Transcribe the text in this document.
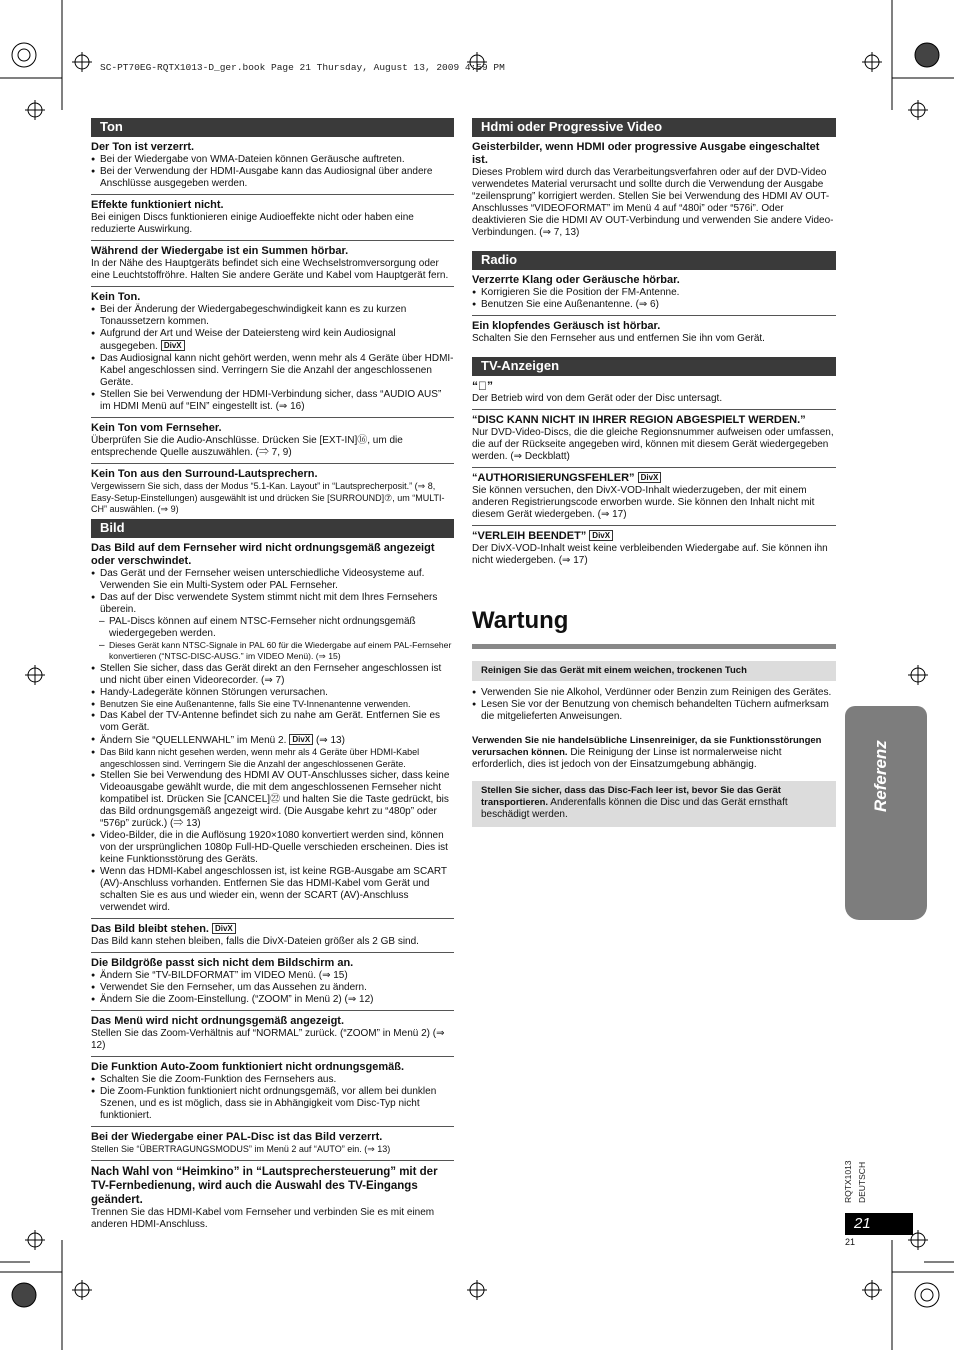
SC-PT70EG-RQTX1013-D_ger.book Page 21 Thursday, August 13, 2009 4:59 PM
Ton
Der Ton ist verzerrt.
● Bei der Wiedergabe von WMA-Dateien können Geräusche auftreten.
● Bei der Verwendung der HDMI-Ausgabe kann das Audiosignal über andere Anschlüsse ausgegeben werden.
Effekte funktioniert nicht.
Bei einigen Discs funktionieren einige Audioeffekte nicht oder haben eine reduzierte Auswirkung.
Während der Wiedergabe ist ein Summen hörbar.
In der Nähe des Hauptgeräts befindet sich eine Wechselstromversorgung oder eine Leuchtstoffröhre. Halten Sie andere Geräte und Kabel vom Hauptgerät fern.
Kein Ton.
● Bei der Änderung der Wiedergabegeschwindigkeit kann es zu kurzen Tonaussetzern kommen.
● Aufgrund der Art und Weise der Dateiersteng wird kein Audiosignal ausgegeben. DivX
● Das Audiosignal kann nicht gehört werden, wenn mehr als 4 Geräte über HDMI-Kabel angeschlossen sind. Verringern Sie die Anzahl der angeschlossenen Geräte.
● Stellen Sie bei Verwendung der HDMI-Verbindung sicher, dass “AUDIO AUS” im HDMI Menü auf “EIN” eingestellt ist. (⇒ 16)
Kein Ton vom Fernseher.
Überprüfen Sie die Audio-Anschlüsse. Drücken Sie [EXT-IN]⑯, um die entsprechende Quelle auszuwählen. (⇒ 7, 9)
Kein Ton aus den Surround-Lautsprechern.
Vergewissern Sie sich, dass der Modus “5.1-Kan. Layout” in “Lautsprecherposit.” (⇒ 8, Easy-Setup-Einstellungen) ausgewählt ist und drücken Sie [SURROUND]⑦, um “MULTI-CH” auswählen. (⇒ 9)
Bild
Das Bild auf dem Fernseher wird nicht ordnungsgemäß angezeigt oder verschwindet.
● Das Gerät und der Fernseher weisen unterschiedliche Videosysteme auf. Verwenden Sie ein Multi-System oder PAL Fernseher.
● Das auf der Disc verwendete System stimmt nicht mit dem Ihres Fernsehers überein.
– PAL-Discs können auf einem NTSC-Fernseher nicht ordnungsgemäß wiedergegeben werden.
– Dieses Gerät kann NTSC-Signale in PAL 60 für die Wiedergabe auf einem PAL-Fernseher konvertieren (“NTSC-DISC-AUSG.” im VIDEO Menü). (⇒ 15)
● Stellen Sie sicher, dass das Gerät direkt an den Fernseher angeschlossen ist und nicht über einen Videorecorder. (⇒ 7)
● Handy-Ladegeräte können Störungen verursachen.
● Benutzen Sie eine Außenantenne, falls Sie eine TV-Innenantenne verwenden.
● Das Kabel der TV-Antenne befindet sich zu nahe am Gerät. Entfernen Sie es vom Gerät.
● Ändern Sie “QUELLENWAHL” im Menü 2. DivX (⇒ 13)
● Das Bild kann nicht gesehen werden, wenn mehr als 4 Geräte über HDMI-Kabel angeschlossen sind. Verringern Sie die Anzahl der angeschlossenen Geräte.
● Stellen Sie bei Verwendung des HDMI AV OUT-Anschlusses sicher, dass keine Videoausgabe gewählt wurde, die mit dem angeschlossenen Fernseher nicht kompatibel ist. Drücken Sie [CANCEL]㉒ und halten Sie die Taste gedrückt, bis das Bild ordnungsgemäß angezeigt wird. (Die Ausgabe kehrt zu “480p” oder “576p” zurück.) (⇒ 13)
● Video-Bilder, die in die Auflösung 1920×1080 konvertiert werden sind, können von der ursprünglichen 1080p Full-HD-Quelle verschieden erscheinen. Dies ist keine Funktionsstörung des Geräts.
● Wenn das HDMI-Kabel angeschlossen ist, ist keine RGB-Ausgabe am SCART (AV)-Anschluss vorhanden. Entfernen Sie das HDMI-Kabel vom Gerät und schalten Sie es aus und wieder ein, wenn der SCART (AV)-Anschluss verwendet wird.
Das Bild bleibt stehen. DivX
Das Bild kann stehen bleiben, falls die DivX-Dateien größer als 2 GB sind.
Die Bildgröße passt sich nicht dem Bildschirm an.
● Ändern Sie “TV-BILDFORMAT” im VIDEO Menü. (⇒ 15)
● Verwendet Sie den Fernseher, um das Aussehen zu ändern.
● Ändern Sie die Zoom-Einstellung. (“ZOOM” in Menü 2) (⇒ 12)
Das Menü wird nicht ordnungsgemäß angezeigt.
Stellen Sie das Zoom-Verhältnis auf “NORMAL” zurück. (“ZOOM” in Menü 2) (⇒ 12)
Die Funktion Auto-Zoom funktioniert nicht ordnungsgemäß.
● Schalten Sie die Zoom-Funktion des Fernsehers aus.
● Die Zoom-Funktion funktioniert nicht ordnungsgemäß, vor allem bei dunklen Szenen, und es ist möglich, dass sie in Abhängigkeit vom Disc-Typ nicht funktioniert.
Bei der Wiedergabe einer PAL-Disc ist das Bild verzerrt.
Stellen Sie “ÜBERTRAGUNGSMODUS” im Menü 2 auf “AUTO” ein. (⇒ 13)
Nach Wahl von “Heimkino” in “Lautsprechersteuerung” mit der TV-Fernbedienung, wird auch die Auswahl des TV-Eingangs geändert.
Trennen Sie das HDMI-Kabel vom Fernseher und verbinden Sie es mit einem anderen HDMI-Anschluss.
Hdmi oder Progressive Video
Geisterbilder, wenn HDMI oder progressive Ausgabe eingeschaltet ist.
Dieses Problem wird durch das Verarbeitungsverfahren oder auf der DVD-Video verwendetes Material verursacht und sollte durch die Verwendung der Ausgabe “zeilensprung” korrigiert werden. Stellen Sie bei Verwendung des HDMI AV OUT-Anschlusses “VIDEOFORMAT” im Menü 4 auf “480i” oder “576i”. Oder deaktivieren Sie die HDMI AV OUT-Verbindung und verwenden Sie andere Video-Verbindungen. (⇒ 7, 13)
Radio
Verzerrte Klang oder Geräusche hörbar.
● Korrigieren Sie die Position der FM-Antenne.
● Benutzen Sie eine Außenantenne. (⇒ 6)
Ein klopfendes Geräusch ist hörbar.
Schalten Sie den Fernseher aus und entfernen Sie ihn vom Gerät.
TV-Anzeigen
“⃠”
Der Betrieb wird von dem Gerät oder der Disc untersagt.
“DISC KANN NICHT IN IHRER REGION ABGESPIELT WERDEN.”
Nur DVD-Video-Discs, die die gleiche Regionsnummer aufweisen oder umfassen, die auf der Rückseite angegeben wird, können mit diesem Gerät wiedergegeben werden. (⇒ Deckblatt)
“AUTHORISIERUNGSFEHLER” DivX
Sie können versuchen, den DivX-VOD-Inhalt wiederzugeben, der mit einem anderen Registrierungscode erworben wurde. Sie können den Inhalt nicht mit diesem Gerät wiedergeben. (⇒ 17)
“VERLEIH BEENDET” DivX
Der DivX-VOD-Inhalt weist keine verbleibenden Wiedergabe auf. Sie können ihn nicht wiedergeben. (⇒ 17)
Wartung
Reinigen Sie das Gerät mit einem weichen, trockenen Tuch
● Verwenden Sie nie Alkohol, Verdünner oder Benzin zum Reinigen des Gerätes.
● Lesen Sie vor der Benutzung von chemisch behandelten Tüchern aufmerksam die mitgelieferten Anweisungen.
Verwenden Sie nie handelsübliche Linsenreiniger, da sie Funktionsstörungen verursachen können. Die Reinigung der Linse ist normalerweise nicht erforderlich, dies ist jedoch von der Einsatzumgebung abhängig.
Stellen Sie sicher, dass das Disc-Fach leer ist, bevor Sie das Gerät transportieren. Anderenfalls können die Disc und das Gerät ernsthaft beschädigt werden.
Referenz
RQTX1013 DEUTSCH
21
21
